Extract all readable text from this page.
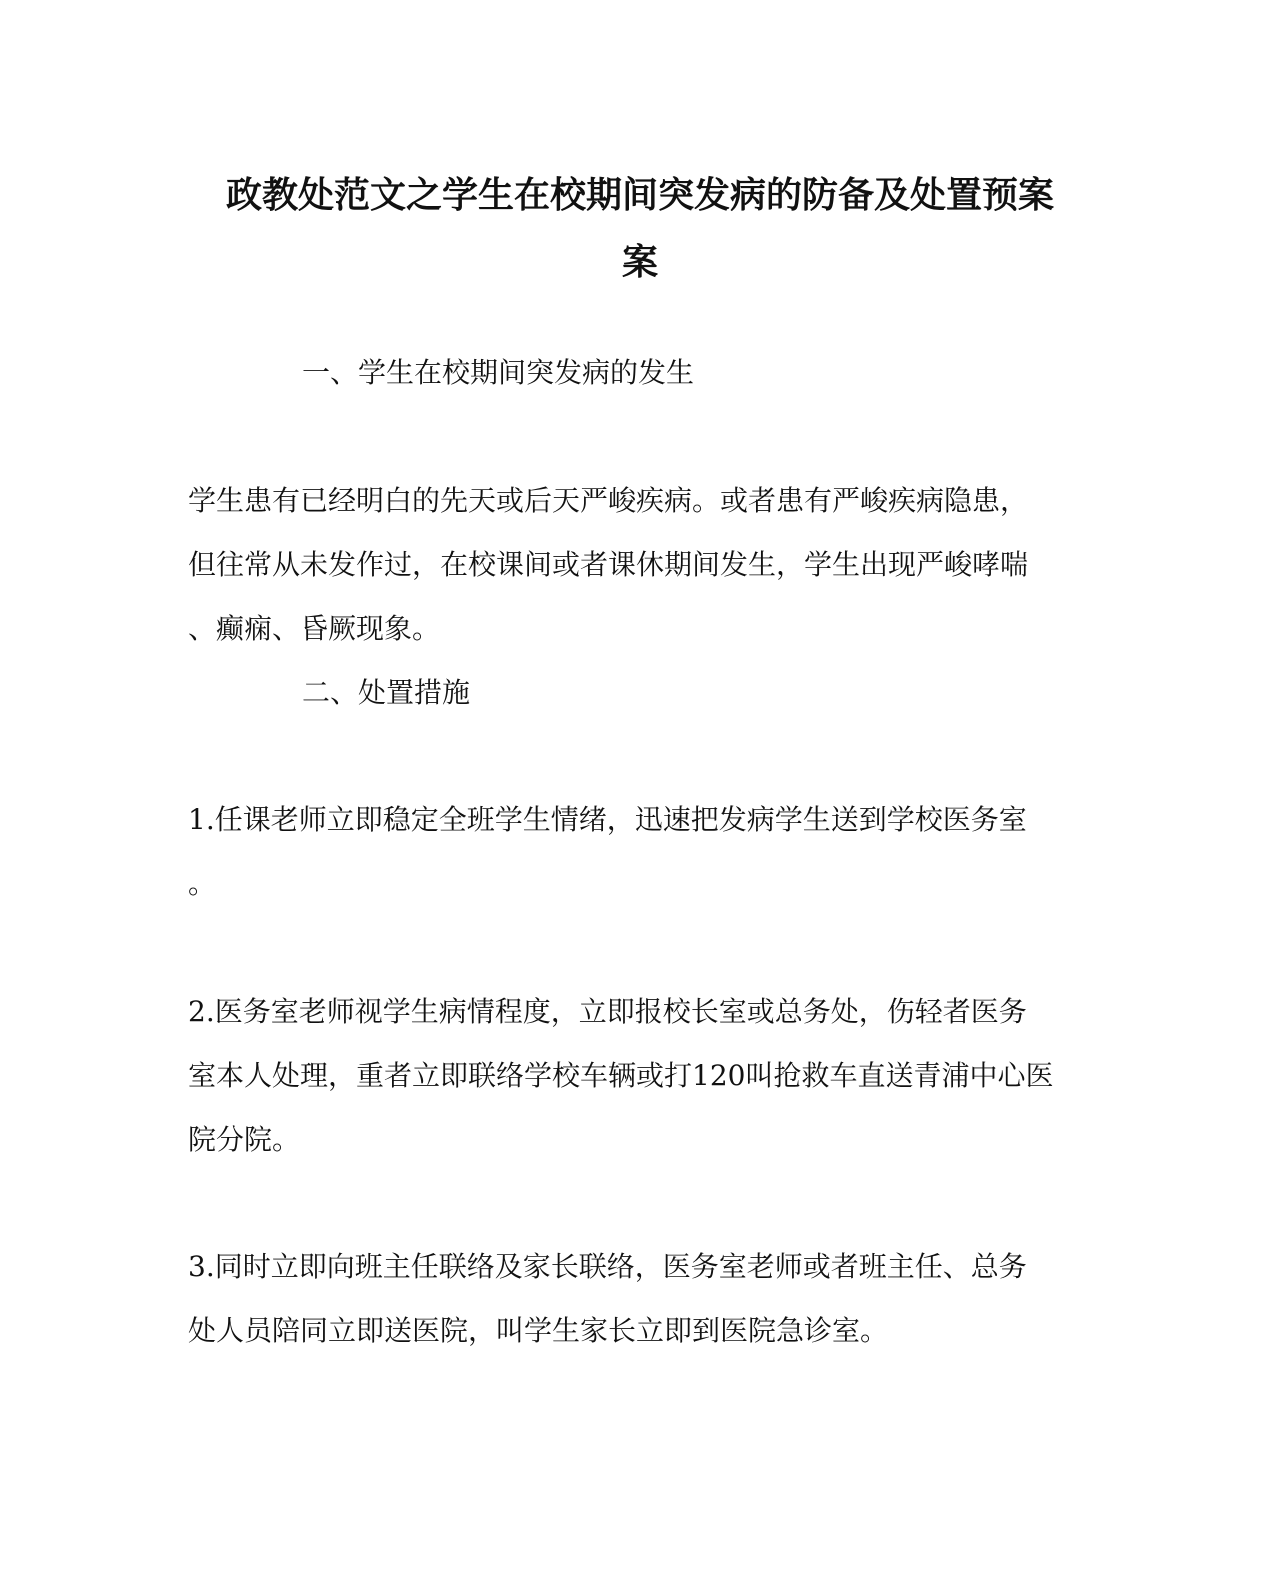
政教处范文之学生在校期间突发病的防备及处置预案
案
一、学生在校期间突发病的发生
学生患有已经明白的先天或后天严峻疾病。或者患有严峻疾病隐患，
但往常从未发作过，在校课间或者课休期间发生，学生出现严峻哮喘
、癫痫、昏厥现象。
二、处置措施
1.任课老师立即稳定全班学生情绪，迅速把发病学生送到学校医务室
。
2.医务室老师视学生病情程度，立即报校长室或总务处，伤轻者医务
室本人处理，重者立即联络学校车辆或打120叫抢救车直送青浦中心医
院分院。
3.同时立即向班主任联络及家长联络，医务室老师或者班主任、总务
处人员陪同立即送医院，叫学生家长立即到医院急诊室。
